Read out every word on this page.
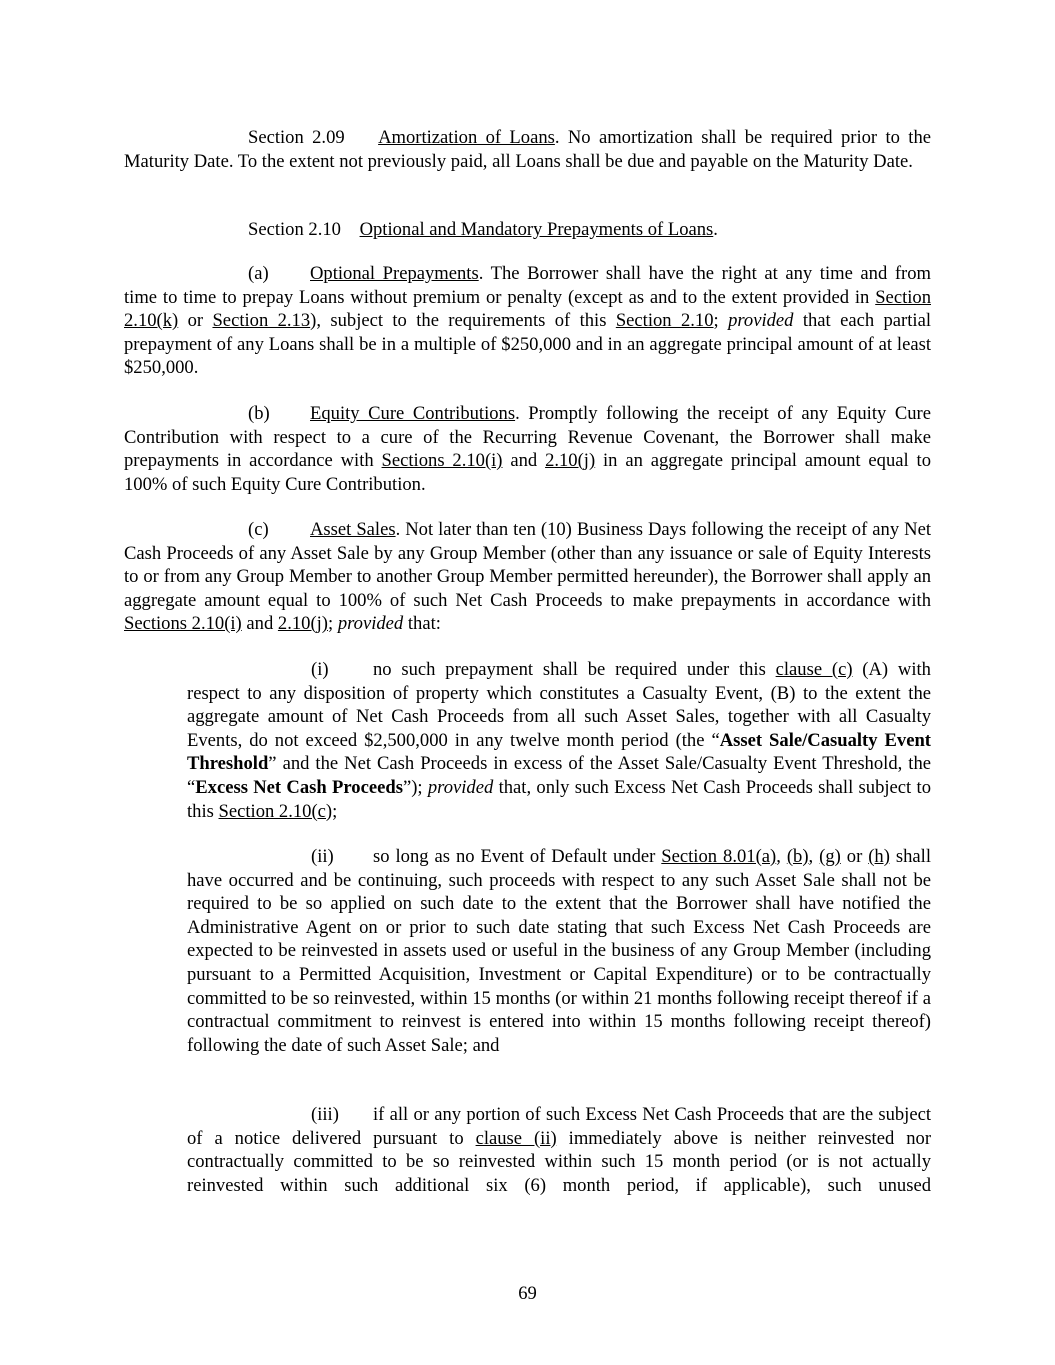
Section 2.09 Amortization of Loans. No amortization shall be required prior to the Maturity Date. To the extent not previously paid, all Loans shall be due and payable on the Maturity Date.

Section 2.10 Optional and Mandatory Prepayments of Loans.

(a) Optional Prepayments. The Borrower shall have the right at any time and from time to time to prepay Loans without premium or penalty (except as and to the extent provided in Section 2.10(k) or Section 2.13), subject to the requirements of this Section 2.10; provided that each partial prepayment of any Loans shall be in a multiple of $250,000 and in an aggregate principal amount of at least $250,000.

(b) Equity Cure Contributions. Promptly following the receipt of any Equity Cure Contribution with respect to a cure of the Recurring Revenue Covenant, the Borrower shall make prepayments in accordance with Sections 2.10(i) and 2.10(j) in an aggregate principal amount equal to 100% of such Equity Cure Contribution.

(c) Asset Sales. Not later than ten (10) Business Days following the receipt of any Net Cash Proceeds of any Asset Sale by any Group Member (other than any issuance or sale of Equity Interests to or from any Group Member to another Group Member permitted hereunder), the Borrower shall apply an aggregate amount equal to 100% of such Net Cash Proceeds to make prepayments in accordance with Sections 2.10(i) and 2.10(j); provided that:

(i) no such prepayment shall be required under this clause (c) (A) with respect to any disposition of property which constitutes a Casualty Event, (B) to the extent the aggregate amount of Net Cash Proceeds from all such Asset Sales, together with all Casualty Events, do not exceed $2,500,000 in any twelve month period (the “Asset Sale/Casualty Event Threshold” and the Net Cash Proceeds in excess of the Asset Sale/Casualty Event Threshold, the “Excess Net Cash Proceeds”); provided that, only such Excess Net Cash Proceeds shall subject to this Section 2.10(c);

(ii) so long as no Event of Default under Section 8.01(a), (b), (g) or (h) shall have occurred and be continuing, such proceeds with respect to any such Asset Sale shall not be required to be so applied on such date to the extent that the Borrower shall have notified the Administrative Agent on or prior to such date stating that such Excess Net Cash Proceeds are expected to be reinvested in assets used or useful in the business of any Group Member (including pursuant to a Permitted Acquisition, Investment or Capital Expenditure) or to be contractually committed to be so reinvested, within 15 months (or within 21 months following receipt thereof if a contractual commitment to reinvest is entered into within 15 months following receipt thereof) following the date of such Asset Sale; and

(iii) if all or any portion of such Excess Net Cash Proceeds that are the subject of a notice delivered pursuant to clause (ii) immediately above is neither reinvested nor contractually committed to be so reinvested within such 15 month period (or is not actually reinvested within such additional six (6) month period, if applicable), such unused

69
